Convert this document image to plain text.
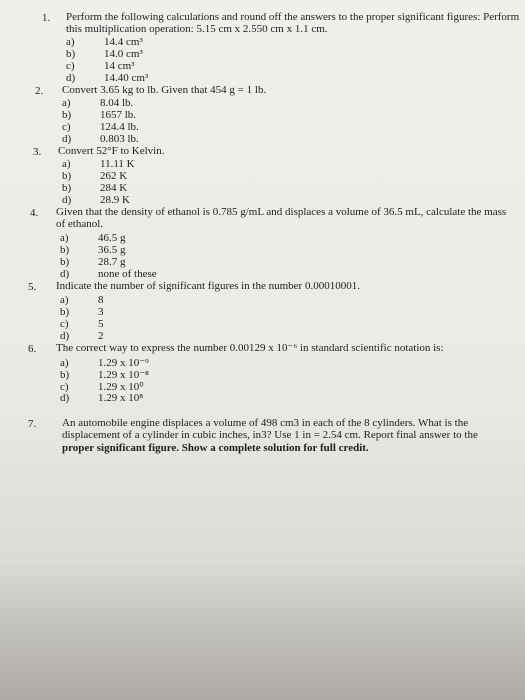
1. Perform the following calculations and round off the answers to the proper significant figures: Perform
this multiplication operation: 5.15 cm x 2.550 cm x 1.1 cm.
a)	14.4 cm³
b)	14.0 cm³
c)	14 cm³
d)	14.40 cm³
2. Convert 3.65 kg to lb. Given that 454 g = 1 lb.
a)	8.04 lb.
b)	1657 lb.
c)	124.4 lb.
d)	0.803 lb.
3. Convert 52°F to Kelvin.
a)	11.11 K
b)	262 K
b)	284 K
d)	28.9 K
4. Given that the density of ethanol is 0.785 g/mL and displaces a volume of 36.5 mL, calculate the mass
of ethanol.
a)	46.5 g
b)	36.5 g
b)	28.7 g
d)	none of these
5. Indicate the number of significant figures in the number 0.00010001.
a)	8
b)	3
c)	5
d)	2
6. The correct way to express the number 0.00129 x 10⁻⁶ in standard scientific notation is:
a)	1.29 x 10⁻⁹
b)	1.29 x 10⁻⁸
c)	1.29 x 10⁰
d)	1.29 x 10⁸
7. An automobile engine displaces a volume of 498 cm3 in each of the 8 cylinders. What is the
displacement of a cylinder in cubic inches, in3? Use 1 in = 2.54 cm. Report final answer to the
proper significant figure. Show a complete solution for full credit.
